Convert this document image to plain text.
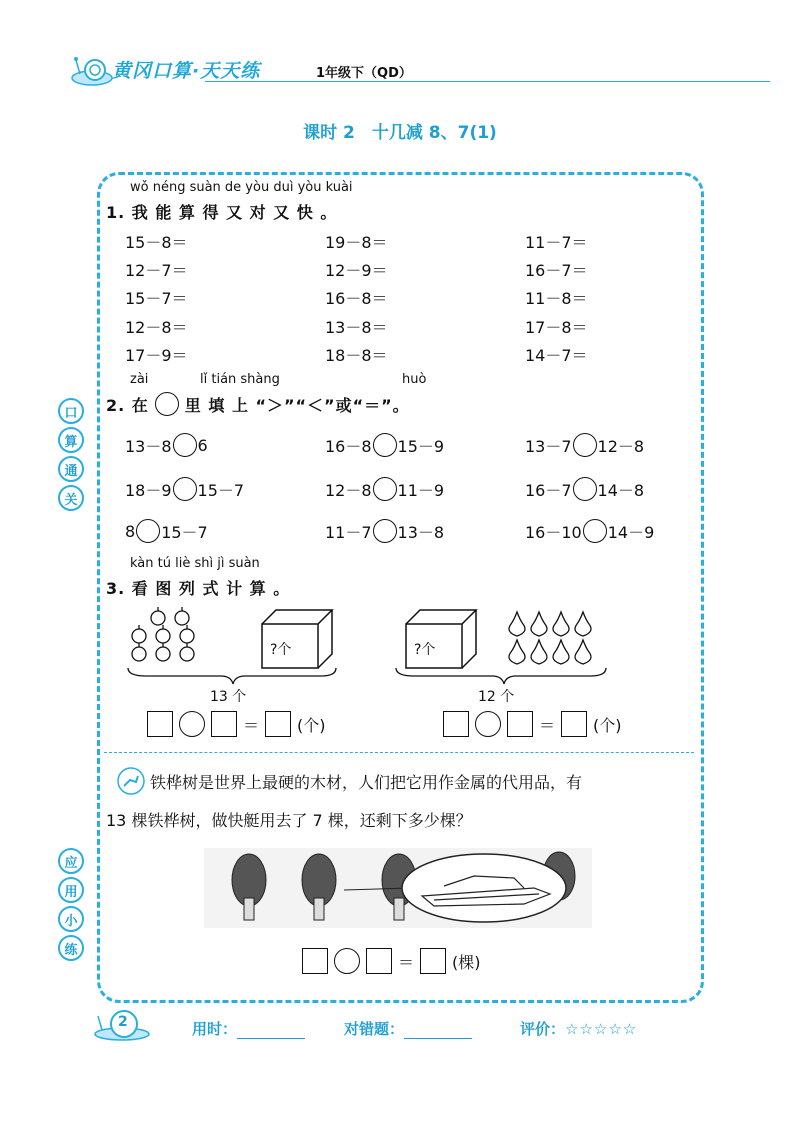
黄冈口算·天天练	1年级下（QD）
课时 2　十几减 8、7(1)
口
算
通
关
应
用
小
练
wǒ néng suàn de yòu duì yòu kuài
1. 我 能 算 得 又 对 又 快 。
15－8＝	19－8＝	11－7＝
12－7＝	12－9＝	16－7＝
15－7＝	16－8＝	11－8＝
12－8＝	13－8＝	17－8＝
17－9＝	18－8＝	14－7＝
zài	lǐ tián shàng	huò
2. 在 里 填 上 “＞”“＜”或“＝”。
13－8 6	16－8 15－9	13－7 12－8
18－9 15－7	12－8 11－9	16－7 14－8
8 15－7	11－7 13－8	16－10 14－9
kàn tú liè shì jì suàn
3. 看 图 列 式 计 算 。
?个
13 个
?个
12 个
＝ (个)	＝ (个)
铁桦树是世界上最硬的木材，人们把它用作金属的代用品，有
13 棵铁桦树，做快艇用去了 7 棵，还剩下多少棵？
＝ (棵)
2	用时：	对错题：	评价： ☆☆☆☆☆
